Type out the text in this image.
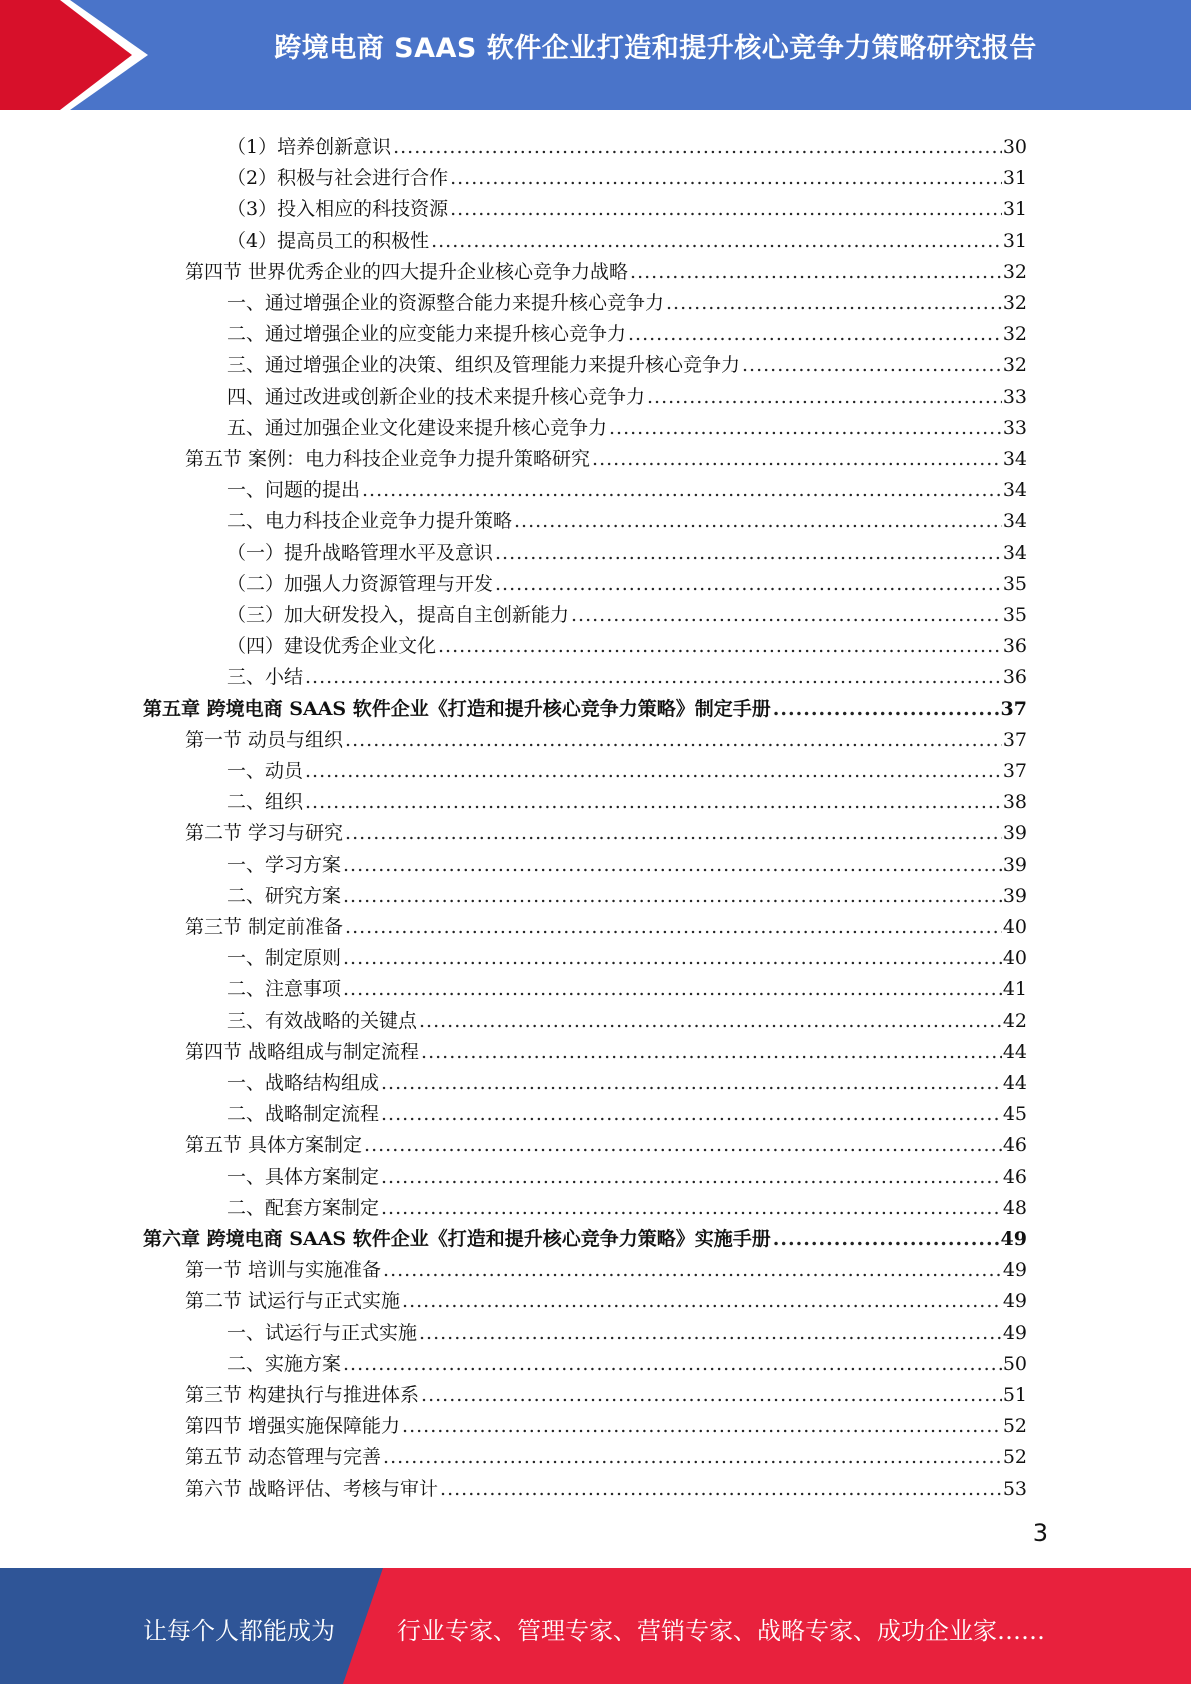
跨境电商 SAAS 软件企业打造和提升核心竞争力策略研究报告
（1）培养创新意识 .....	30
（2）积极与社会进行合作 .....	31
（3）投入相应的科技资源 .....	31
（4）提高员工的积极性 .....	31
第四节 世界优秀企业的四大提升企业核心竞争力战略 .....	32
一、通过增强企业的资源整合能力来提升核心竞争力 .....	32
二、通过增强企业的应变能力来提升核心竞争力 .....	32
三、通过增强企业的决策、组织及管理能力来提升核心竞争力 .....	32
四、通过改进或创新企业的技术来提升核心竞争力 .....	33
五、通过加强企业文化建设来提升核心竞争力 .....	33
第五节 案例：电力科技企业竞争力提升策略研究 .....	34
一、问题的提出 .....	34
二、电力科技企业竞争力提升策略 .....	34
（一）提升战略管理水平及意识 .....	34
（二）加强人力资源管理与开发 .....	35
（三）加大研发投入，提高自主创新能力 .....	35
（四）建设优秀企业文化 .....	36
三、小结 .....	36
第五章 跨境电商 SAAS 软件企业《打造和提升核心竞争力策略》制定手册 .....	37
第一节 动员与组织 .....	37
一、动员 .....	37
二、组织 .....	38
第二节 学习与研究 .....	39
一、学习方案 .....	39
二、研究方案 .....	39
第三节 制定前准备 .....	40
一、制定原则 .....	40
二、注意事项 .....	41
三、有效战略的关键点 .....	42
第四节 战略组成与制定流程 .....	44
一、战略结构组成 .....	44
二、战略制定流程 .....	45
第五节 具体方案制定 .....	46
一、具体方案制定 .....	46
二、配套方案制定 .....	48
第六章 跨境电商 SAAS 软件企业《打造和提升核心竞争力策略》实施手册 .....	49
第一节 培训与实施准备 .....	49
第二节 试运行与正式实施 .....	49
一、试运行与正式实施 .....	49
二、实施方案 .....	50
第三节 构建执行与推进体系 .....	51
第四节 增强实施保障能力 .....	52
第五节 动态管理与完善 .....	52
第六节 战略评估、考核与审计 .....	53
3
让每个人都能成为	行业专家、管理专家、营销专家、战略专家、成功企业家……
